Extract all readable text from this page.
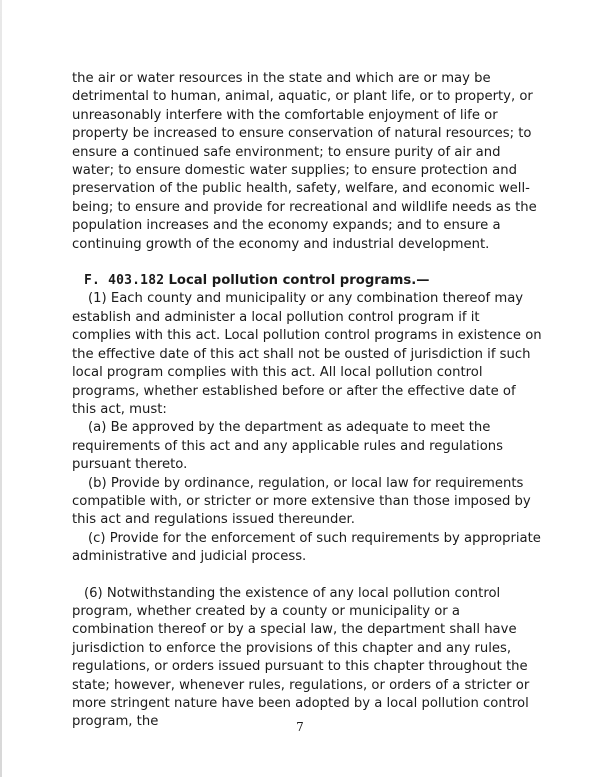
the air or water resources in the state and which are or may be detrimental to human, animal, aquatic, or plant life, or to property, or unreasonably interfere with the comfortable enjoyment of life or property be increased to ensure conservation of natural resources; to ensure a continued safe environment; to ensure purity of air and water; to ensure domestic water supplies; to ensure protection and preservation of the public health, safety, welfare, and economic well-being; to ensure and provide for recreational and wildlife needs as the population increases and the economy expands; and to ensure a continuing growth of the economy and industrial development.

F. 403.182 Local pollution control programs.—

(1) Each county and municipality or any combination thereof may establish and administer a local pollution control program if it complies with this act. Local pollution control programs in existence on the effective date of this act shall not be ousted of jurisdiction if such local program complies with this act. All local pollution control programs, whether established before or after the effective date of this act, must:

(a) Be approved by the department as adequate to meet the requirements of this act and any applicable rules and regulations pursuant thereto.

(b) Provide by ordinance, regulation, or local law for requirements compatible with, or stricter or more extensive than those imposed by this act and regulations issued thereunder.

(c) Provide for the enforcement of such requirements by appropriate administrative and judicial process.

(6) Notwithstanding the existence of any local pollution control program, whether created by a county or municipality or a combination thereof or by a special law, the department shall have jurisdiction to enforce the provisions of this chapter and any rules, regulations, or orders issued pursuant to this chapter throughout the state; however, whenever rules, regulations, or orders of a stricter or more stringent nature have been adopted by a local pollution control program, the	7
